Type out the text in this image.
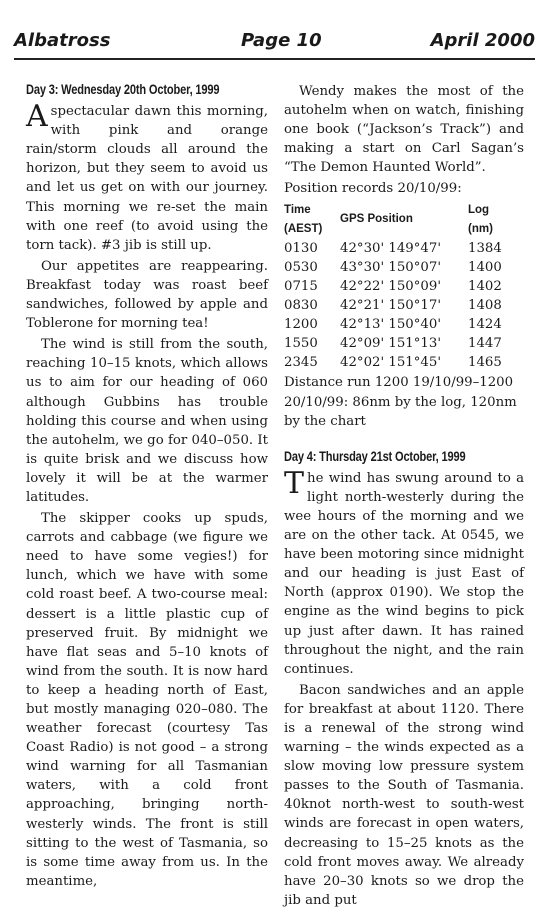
Albatross	Page 10	April 2000
Day 3: Wednesday 20th October, 1999

Aspectacular dawn this morning, with pink and orange rain/storm clouds all around the horizon, but they seem to avoid us and let us get on with our journey. This morning we re-set the main with one reef (to avoid using the torn tack). #3 jib is still up.

Our appetites are reappearing. Breakfast today was roast beef sandwiches, followed by apple and Toblerone for morning tea!

The wind is still from the south, reaching 10–15 knots, which allows us to aim for our heading of 060 although Gubbins has trouble holding this course and when using the autohelm, we go for 040–050. It is quite brisk and we discuss how lovely it will be at the warmer latitudes.

The skipper cooks up spuds, carrots and cabbage (we figure we need to have some vegies!) for lunch, which we have with some cold roast beef. A two-course meal: dessert is a little plastic cup of preserved fruit. By midnight we have flat seas and 5–10 knots of wind from the south. It is now hard to keep a heading north of East, but mostly managing 020–080. The weather forecast (courtesy Tas Coast Radio) is not good – a strong wind warning for all Tasmanian waters, with a cold front approaching, bringing north-westerly winds. The front is still sitting to the west of Tasmania, so is some time away from us. In the meantime,

Wendy makes the most of the autohelm when on watch, finishing one book (“Jackson’s Track”) and making a start on Carl Sagan’s “The Demon Haunted World”.

Position records 20/10/99:
Time (AEST)	GPS Position	Log (nm)
0130	42°30' 149°47'	1384
0530	43°30' 150°07'	1400
0715	42°22' 150°09'	1402
0830	42°21' 150°17'	1408
1200	42°13' 150°40'	1424
1550	42°09' 151°13'	1447
2345	42°02' 151°45'	1465

Distance run 1200 19/10/99–1200 20/10/99: 86nm by the log, 120nm by the chart

Day 4: Thursday 21st October, 1999

The wind has swung around to a light north-westerly during the wee hours of the morning and we are on the other tack. At 0545, we have been motoring since midnight and our heading is just East of North (approx 0190). We stop the engine as the wind begins to pick up just after dawn. It has rained throughout the night, and the rain continues.

Bacon sandwiches and an apple for breakfast at about 1120. There is a renewal of the strong wind warning – the winds expected as a slow moving low pressure system passes to the South of Tasmania. 40knot north-west to south-west winds are forecast in open waters, decreasing to 15–25 knots as the cold front moves away. We already have 20–30 knots so we drop the jib and put
